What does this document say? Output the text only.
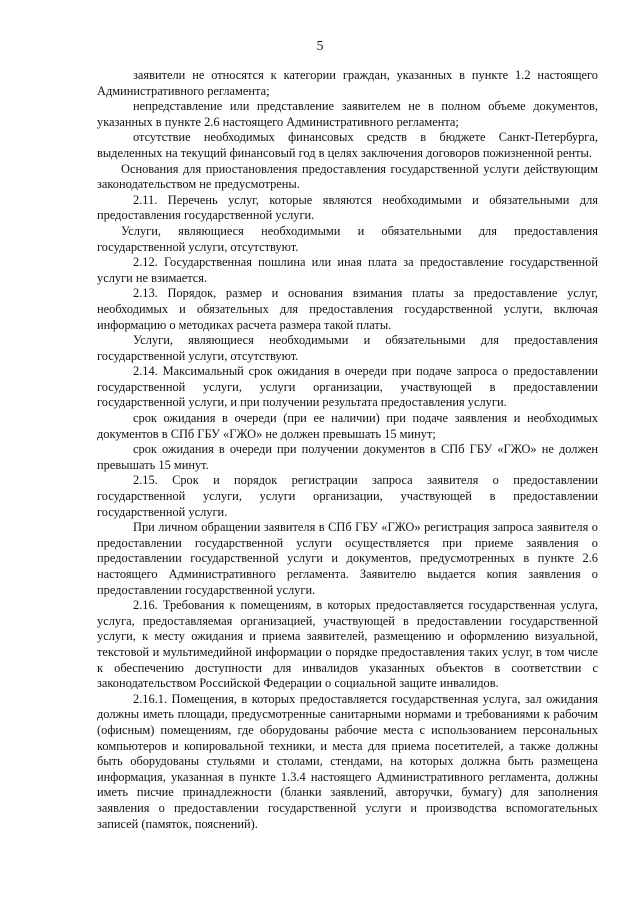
5

заявители не относятся к категории граждан, указанных в пункте 1.2 настоящего Административного регламента;

непредставление или представление заявителем не в полном объеме документов, указанных в пункте 2.6 настоящего Административного регламента;

отсутствие необходимых финансовых средств в бюджете Санкт-Петербурга, выделенных на текущий финансовый год в целях заключения договоров пожизненной ренты.

Основания для приостановления предоставления государственной услуги действующим законодательством не предусмотрены.

2.11. Перечень услуг, которые являются необходимыми и обязательными для предоставления государственной услуги.

Услуги, являющиеся необходимыми и обязательными для предоставления государственной услуги, отсутствуют.

2.12. Государственная пошлина или иная плата за предоставление государственной услуги не взимается.

2.13. Порядок, размер и основания взимания платы за предоставление услуг, необходимых и обязательных для предоставления государственной услуги, включая информацию о методиках расчета размера такой платы.

Услуги, являющиеся необходимыми и обязательными для предоставления государственной услуги, отсутствуют.

2.14. Максимальный срок ожидания в очереди при подаче запроса о предоставлении государственной услуги, услуги организации, участвующей в предоставлении государственной услуги, и при получении результата предоставления услуги.

срок ожидания в очереди (при ее наличии) при подаче заявления и необходимых документов в СПб ГБУ «ГЖО» не должен превышать 15 минут;

срок ожидания в очереди при получении документов в СПб ГБУ «ГЖО» не должен превышать 15 минут.

2.15. Срок и порядок регистрации запроса заявителя о предоставлении государственной услуги, услуги организации, участвующей в предоставлении государственной услуги.

При личном обращении заявителя в СПб ГБУ «ГЖО» регистрация запроса заявителя о предоставлении государственной услуги осуществляется при приеме заявления о предоставлении государственной услуги и документов, предусмотренных в пункте 2.6 настоящего Административного регламента. Заявителю выдается копия заявления о предоставлении государственной услуги.

2.16. Требования к помещениям, в которых предоставляется государственная услуга, услуга, предоставляемая организацией, участвующей в предоставлении государственной услуги, к месту ожидания и приема заявителей, размещению и оформлению визуальной, текстовой и мультимедийной информации о порядке предоставления таких услуг, в том числе к обеспечению доступности для инвалидов указанных объектов в соответствии с законодательством Российской Федерации о социальной защите инвалидов.

2.16.1. Помещения, в которых предоставляется государственная услуга, зал ожидания должны иметь площади, предусмотренные санитарными нормами и требованиями к рабочим (офисным) помещениям, где оборудованы рабочие места с использованием персональных компьютеров и копировальной техники, и места для приема посетителей, а также должны быть оборудованы стульями и столами, стендами, на которых должна быть размещена информация, указанная в пункте 1.3.4 настоящего Административного регламента, должны иметь писчие принадлежности (бланки заявлений, авторучки, бумагу) для заполнения заявления о предоставлении государственной услуги и производства вспомогательных записей (памяток, пояснений).
